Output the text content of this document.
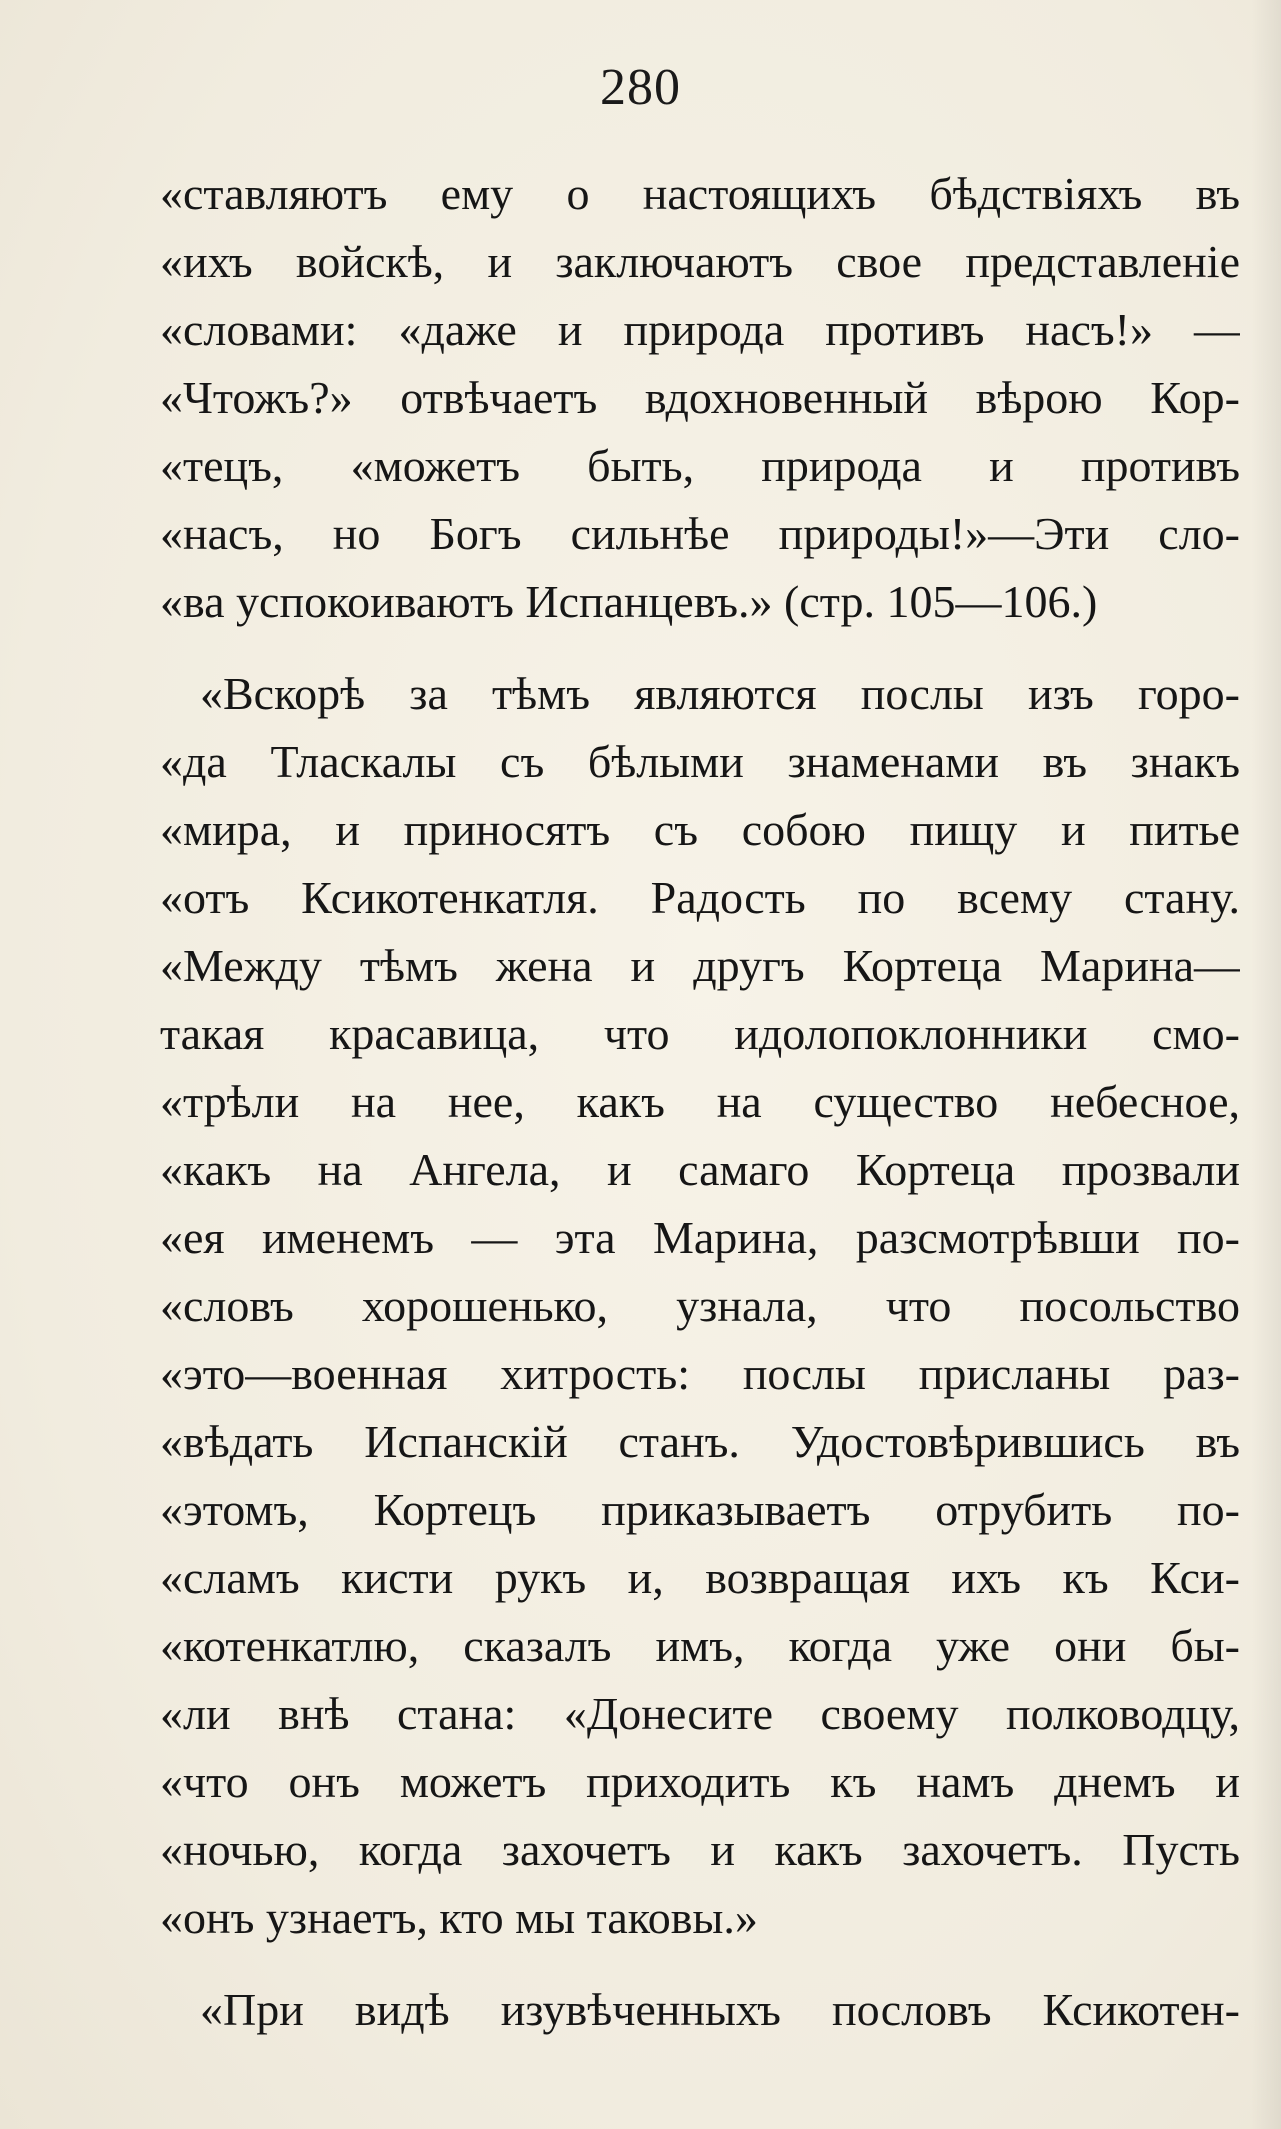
280
«ставляютъ ему о настоящихъ бѣдствіяхъ въ
«ихъ войскѣ, и заключаютъ свое представленіе
«словами: «даже и природа противъ насъ!» —
«Чтожъ?» отвѣчаетъ вдохновенный вѣрою Кор-
«тецъ, «можетъ быть, природа и противъ
«насъ, но Богъ сильнѣе природы!»—Эти сло-
«ва успокоиваютъ Испанцевъ.» (стр. 105—106.)
«Вскорѣ за тѣмъ являются послы изъ горо-
«да Тласкалы съ бѣлыми знаменами въ знакъ
«мира, и приносятъ съ собою пищу и питье
«отъ Ксикотенкатля. Радость по всему стану.
«Между тѣмъ жена и другъ Кортеца Марина—
такая красавица, что идолопоклонники смо-
«трѣли на нее, какъ на существо небесное,
«какъ на Ангела, и самаго Кортеца прозвали
«ея именемъ — эта Марина, разсмотрѣвши по-
«словъ хорошенько, узнала, что посольство
«это—военная хитрость: послы присланы раз-
«вѣдать Испанскій станъ. Удостовѣрившись въ
«этомъ, Кортецъ приказываетъ отрубить по-
«сламъ кисти рукъ и, возвращая ихъ къ Кси-
«котенкатлю, сказалъ имъ, когда уже они бы-
«ли внѣ стана: «Донесите своему полководцу,
«что онъ можетъ приходить къ намъ днемъ и
«ночью, когда захочетъ и какъ захочетъ. Пусть
«онъ узнаетъ, кто мы таковы.»
«При видѣ изувѣченныхъ пословъ Ксикотен-
